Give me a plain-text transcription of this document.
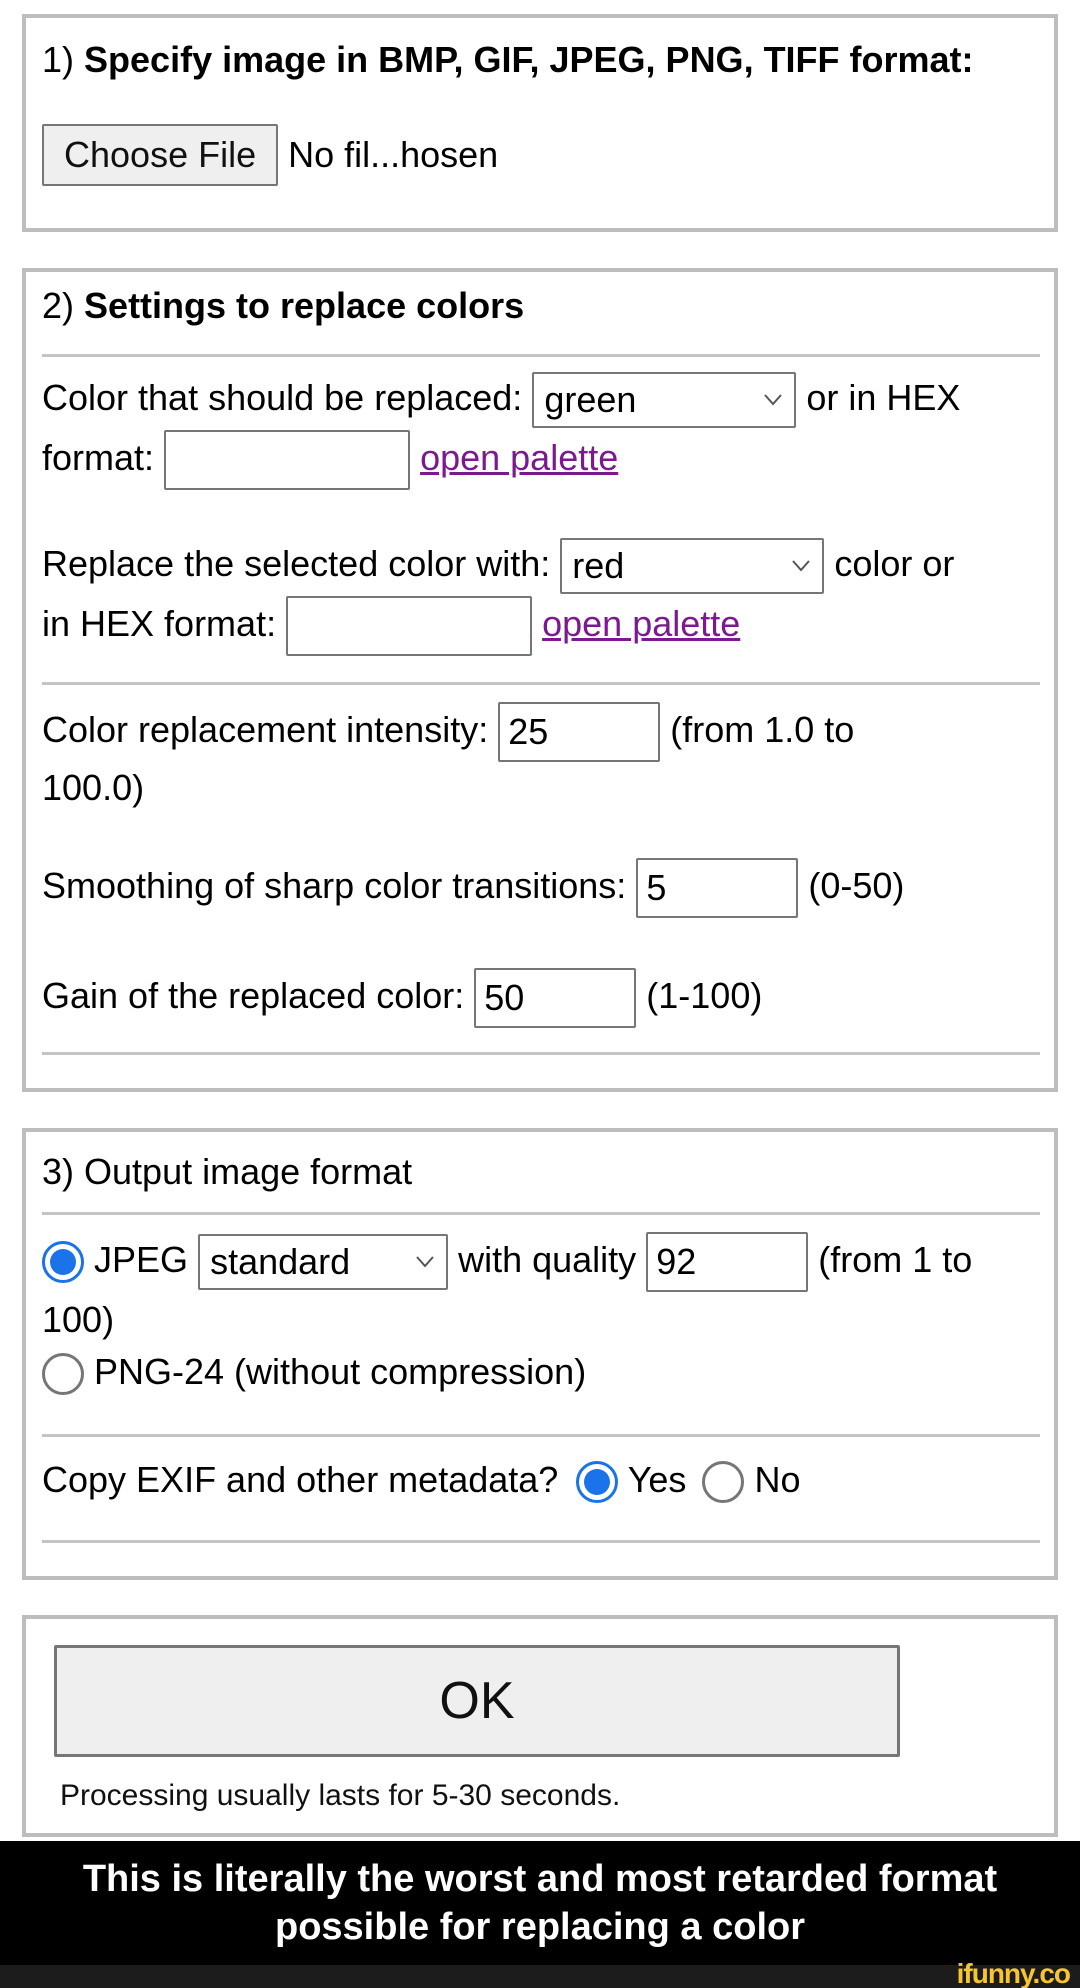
1) Specify image in BMP, GIF, JPEG, PNG, TIFF format:
Choose File No fil...hosen
2) Settings to replace colors
Color that should be replaced: green	or in HEX
format:	open palette
Replace the selected color with: red	color or
in HEX format:	open palette
Color replacement intensity: 25	(from 1.0 to
100.0)
Smoothing of sharp color transitions: 5	(0-50)
Gain of the replaced color: 50	(1-100)
3) Output image format
JPEG standard	with quality 92	(from 1 to
100)
PNG-24 (without compression)
Copy EXIF and other metadata? Yes No
OK
Processing usually lasts for 5-30 seconds.
This is literally the worst and most retarded format
possible for replacing a color
ifunny.co
